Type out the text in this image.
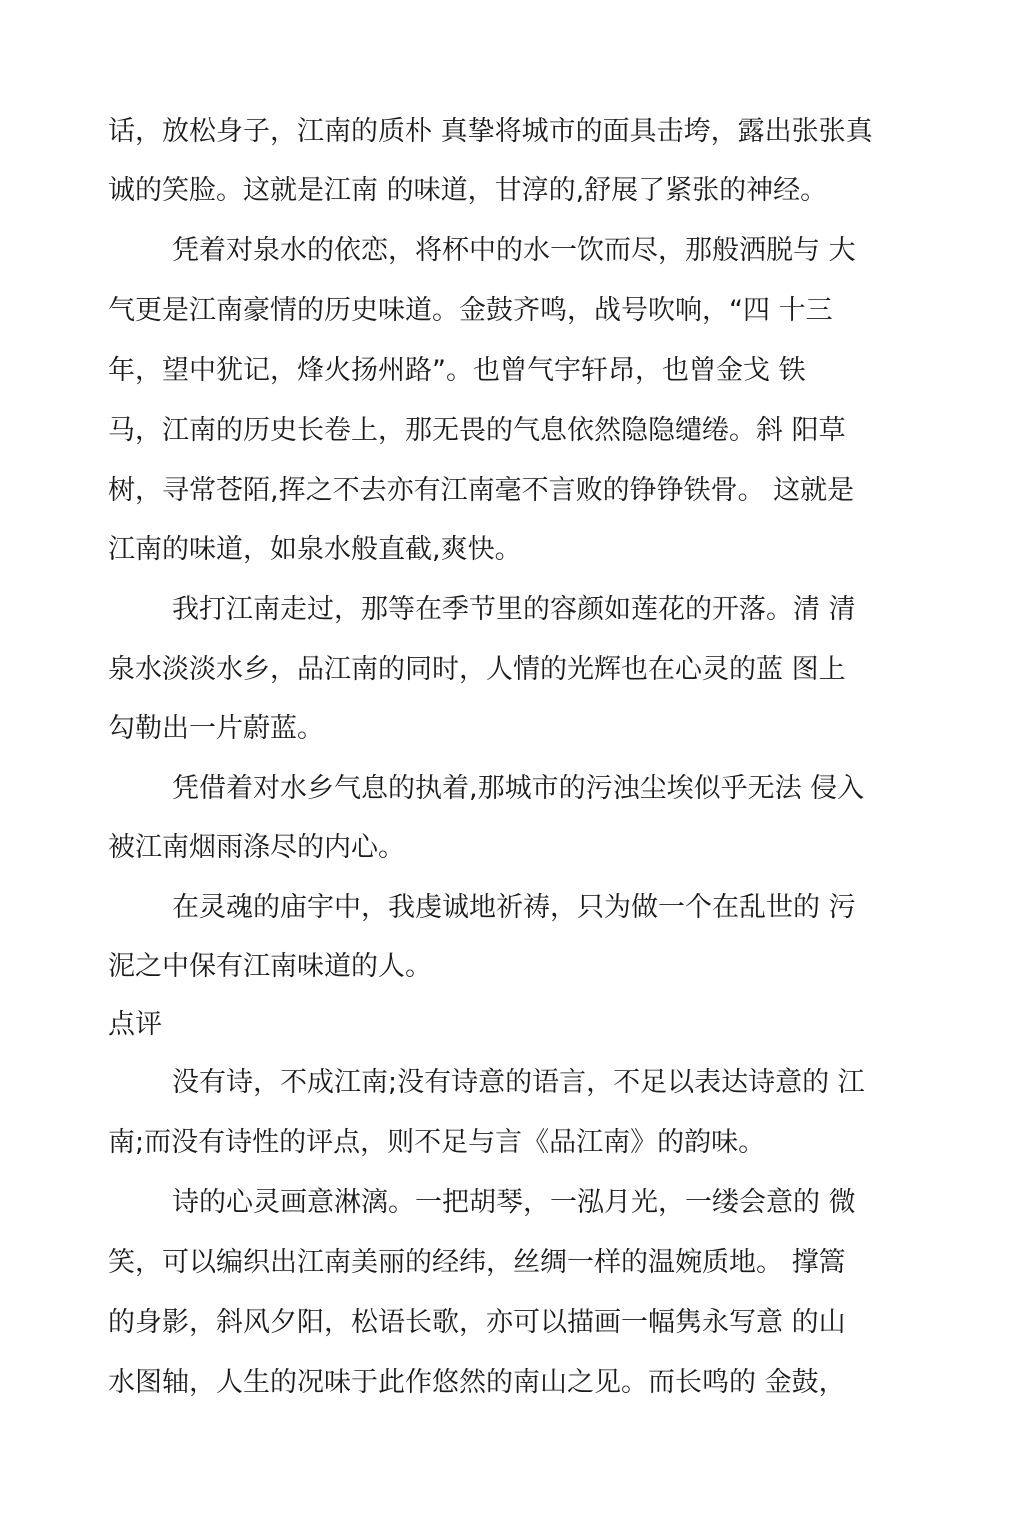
话，放松身子，江南的质朴 真挚将城市的面具击垮，露出张张真
诚的笑脸。这就是江南 的味道，甘淳的,舒展了紧张的神经。
凭着对泉水的依恋，将杯中的水一饮而尽，那般洒脱与 大
气更是江南豪情的历史味道。金鼓齐鸣，战号吹响，“四 十三
年，望中犹记，烽火扬州路”。也曾气宇轩昂，也曾金戈 铁
马，江南的历史长卷上，那无畏的气息依然隐隐缱绻。斜 阳草
树，寻常苍陌,挥之不去亦有江南毫不言败的铮铮铁骨。 这就是
江南的味道，如泉水般直截,爽快。
我打江南走过，那等在季节里的容颜如莲花的开落。清 清
泉水淡淡水乡，品江南的同时，人情的光辉也在心灵的蓝 图上
勾勒出一片蔚蓝。
凭借着对水乡气息的执着,那城市的污浊尘埃似乎无法 侵入
被江南烟雨涤尽的内心。
在灵魂的庙宇中，我虔诚地祈祷，只为做一个在乱世的 污
泥之中保有江南味道的人。
点评
没有诗，不成江南;没有诗意的语言，不足以表达诗意的 江
南;而没有诗性的评点，则不足与言《品江南》的韵味。
诗的心灵画意淋漓。一把胡琴，一泓月光，一缕会意的 微
笑，可以编织出江南美丽的经纬，丝绸一样的温婉质地。 撑篙
的身影，斜风夕阳，松语长歌，亦可以描画一幅隽永写意 的山
水图轴，人生的况味于此作悠然的南山之见。而长鸣的 金鼓，
